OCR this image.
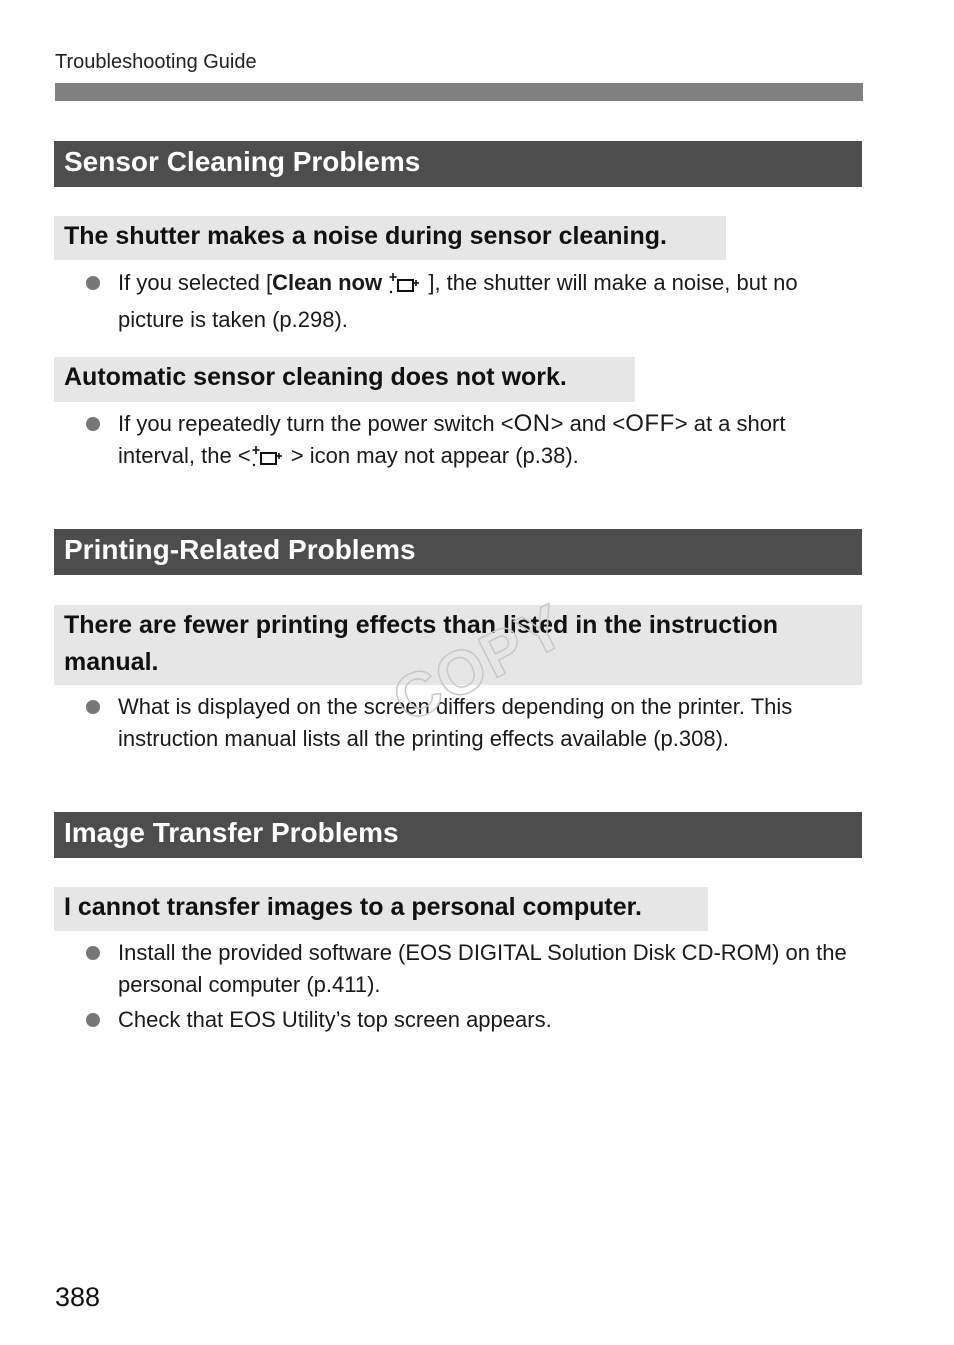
Troubleshooting Guide
Sensor Cleaning Problems
The shutter makes a noise during sensor cleaning.
If you selected [Clean now  ], the shutter will make a noise, but no picture is taken (p.298).
Automatic sensor cleaning does not work.
If you repeatedly turn the power switch <ON> and <OFF> at a short interval, the < > icon may not appear (p.38).
Printing-Related Problems
There are fewer printing effects than listed in the instruction manual.
What is displayed on the screen differs depending on the printer. This instruction manual lists all the printing effects available (p.308).
Image Transfer Problems
I cannot transfer images to a personal computer.
Install the provided software (EOS DIGITAL Solution Disk CD-ROM) on the personal computer (p.411).
Check that EOS Utility’s top screen appears.
COPY
388
